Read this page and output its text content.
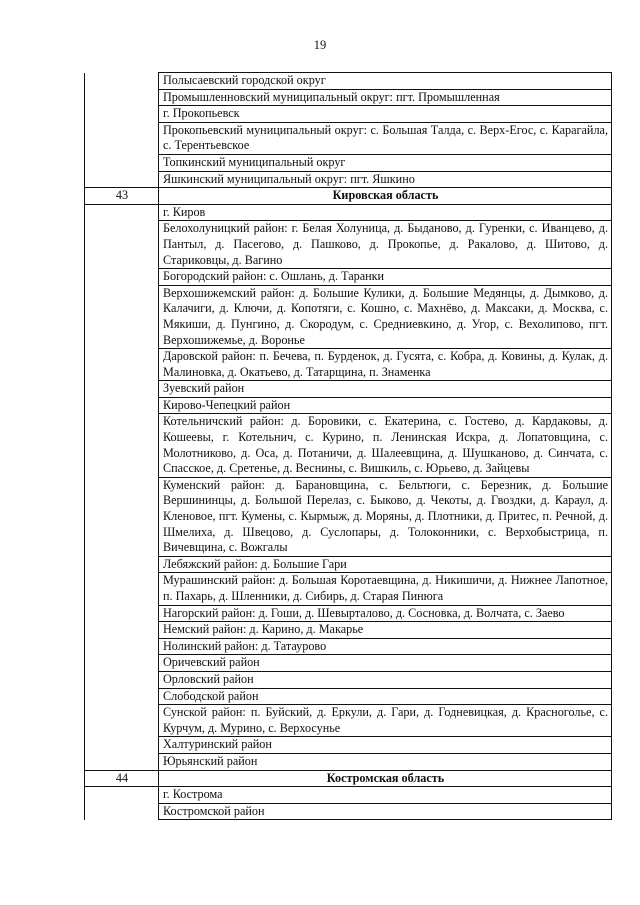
19
	Полысаевский городской округ
	Промышленновский муниципальный округ: пгт. Промышленная
	г. Прокопьевск
	Прокопьевский муниципальный округ: с. Большая Талда, с. Верх-Егос, с. Карагайла, с. Терентьевское
	Топкинский муниципальный округ
	Яшкинский муниципальный округ: пгт. Яшкино
43	Кировская область
	г. Киров
	Белохолуницкий район: г. Белая Холуница, д. Быданово, д. Гуренки, с. Иванцево, д. Пантыл, д. Пасегово, д. Пашково, д. Прокопье, д. Ракалово, д. Шитово, д. Стариковцы, д. Вагино
	Богородский район: с. Ошлань, д. Таранки
	Верхошижемский район: д. Большие Кулики, д. Большие Медянцы, д. Дымково, д. Калачиги, д. Ключи, д. Копотяги, с. Кошно, с. Махнёво, д. Максаки, д. Москва, с. Мякиши, д. Пунгино, д. Скородум, с. Средниевкино, д. Угор, с. Вехолипово, пгт. Верхошижемье, д. Воронье
	Даровской район: п. Бечева, п. Бурденок, д. Гусята, с. Кобра, д. Ковины, д. Кулак, д. Малиновка, д. Окатьево, д. Татарщина, п. Знаменка
	Зуевский район
	Кирово-Чепецкий район
	Котельничский район: д. Боровики, с. Екатерина, с. Гостево, д. Кардаковы, д. Кошеевы, г. Котельнич, с. Курино, п. Ленинская Искра, д. Лопатовщина, с. Молотниково, д. Оса, д. Потаничи, д. Шалеевщина, д. Шушканово, д. Синчата, с. Спасское, д. Сретенье, д. Веснины, с. Вишкиль, с. Юрьево, д. Зайцевы
	Куменский район: д. Барановщина, с. Бельтюги, с. Березник, д. Большие Вершининцы, д. Большой Перелаз, с. Быково, д. Чекоты, д. Гвоздки, д. Караул, д. Кленовое, пгт. Кумены, с. Кырмыж, д. Моряны, д. Плотники, д. Притес, п. Речной, д. Шмелиха, д. Швецово, д. Суслопары, д. Толоконники, с. Верхобыстрица, п. Вичевщина, с. Вожгалы
	Лебяжский район: д. Большие Гари
	Мурашинский район: д. Большая Коротаевщина, д. Никишичи, д. Нижнее Лапотное, п. Пахарь, д. Шленники, д. Сибирь, д. Старая Пинюга
	Нагорский район: д. Гоши, д. Шевырталово, д. Сосновка, д. Волчата, с. Заево
	Немский район: д. Карино, д. Макарье
	Нолинский район: д. Татаурово
	Оричевский район
	Орловский район
	Слободской район
	Сунской район: п. Буйский, д. Еркули, д. Гари, д. Годневицкая, д. Красноголье, с. Курчум, д. Мурино, с. Верхосунье
	Халтуринский район
	Юрьянский район
44	Костромская область
	г. Кострома
	Костромской район
